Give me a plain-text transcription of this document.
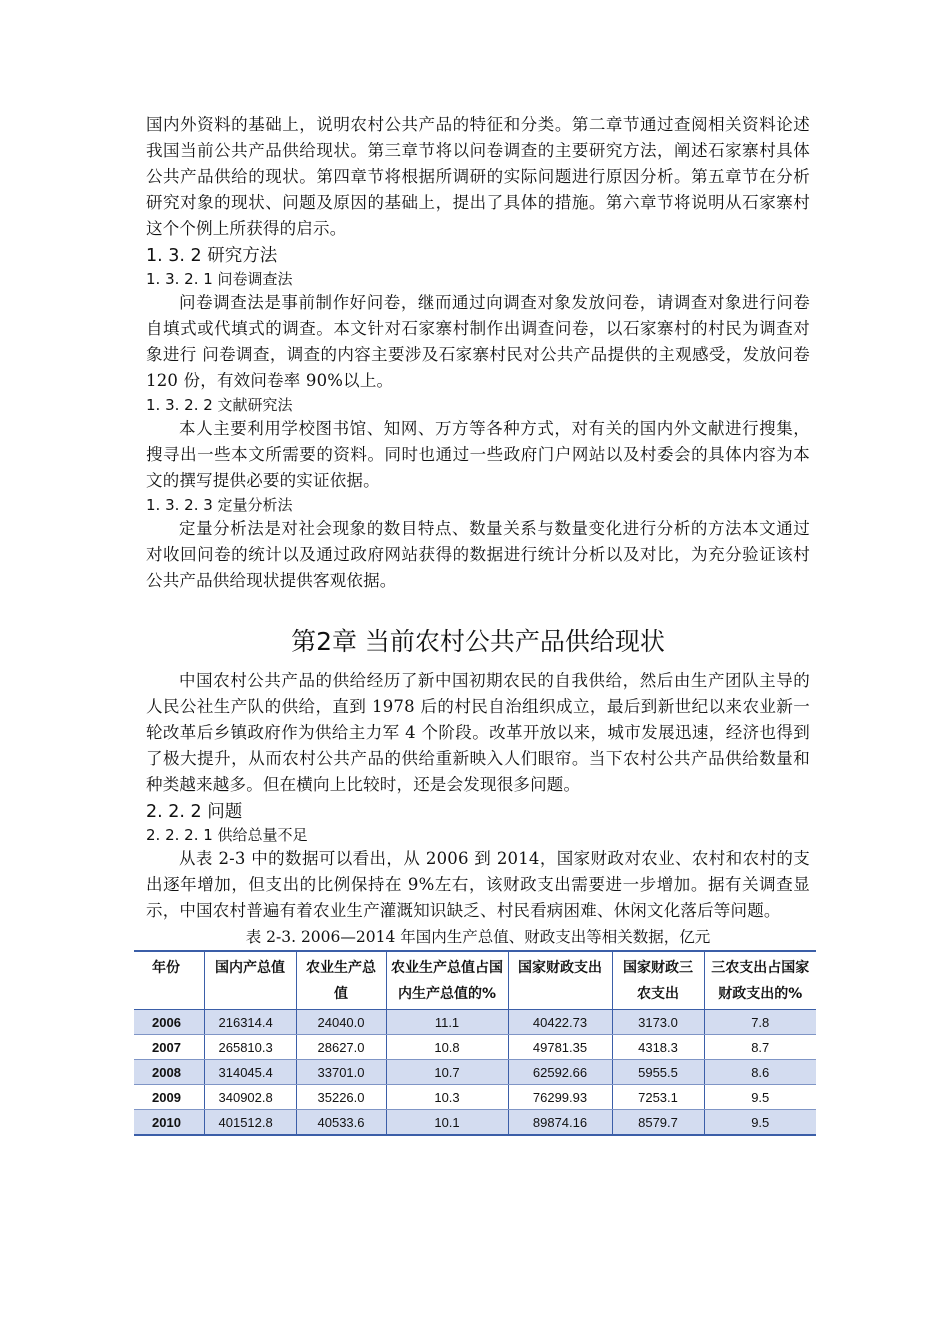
国内外资料的基础上，说明农村公共产品的特征和分类。第二章节通过查阅相关资料论述我国当前公共产品供给现状。第三章节将以问卷调查的主要研究方法，阐述石家寨村具体公共产品供给的现状。第四章节将根据所调研的实际问题进行原因分析。第五章节在分析研究对象的现状、问题及原因的基础上，提出了具体的措施。第六章节将说明从石家寨村这个个例上所获得的启示。

1. 3. 2 研究方法
1. 3. 2. 1 问卷调查法

问卷调查法是事前制作好问卷，继而通过向调查对象发放问卷，请调查对象进行问卷自填式或代填式的调查。本文针对石家寨村制作出调查问卷，以石家寨村的村民为调查对象进行 问卷调查，调查的内容主要涉及石家寨村民对公共产品提供的主观感受，发放问卷 120 份，有效问卷率 90%以上。

1. 3. 2. 2 文献研究法

本人主要利用学校图书馆、知网、万方等各种方式，对有关的国内外文献进行搜集，搜寻出一些本文所需要的资料。同时也通过一些政府门户网站以及村委会的具体内容为本文的撰写提供必要的实证依据。

1. 3. 2. 3 定量分析法

定量分析法是对社会现象的数目特点、数量关系与数量变化进行分析的方法本文通过对收回问卷的统计以及通过政府网站获得的数据进行统计分析以及对比，为充分验证该村公共产品供给现状提供客观依据。

第2章 当前农村公共产品供给现状

中国农村公共产品的供给经历了新中国初期农民的自我供给，然后由生产团队主导的人民公社生产队的供给，直到 1978 后的村民自治组织成立，最后到新世纪以来农业新一轮改革后乡镇政府作为供给主力军 4 个阶段。改革开放以来，城市发展迅速，经济也得到了极大提升，从而农村公共产品的供给重新映入人们眼帘。当下农村公共产品供给数量和种类越来越多。但在横向上比较时，还是会发现很多问题。

2. 2. 2 问题
2. 2. 2. 1 供给总量不足

从表 2-3 中的数据可以看出，从 2006 到 2014，国家财政对农业、农村和农村的支出逐年增加，但支出的比例保持在 9%左右，该财政支出需要进一步增加。据有关调查显示，中国农村普遍有着农业生产灌溉知识缺乏、村民看病困难、休闲文化落后等问题。

表 2-3. 2006—2014 年国内生产总值、财政支出等相关数据，亿元
年份	国内产总值	农业生产总值	农业生产总值占国内生产总值的%	国家财政支出	国家财政三农支出	三农支出占国家财政支出的%
2006	216314.4	24040.0	11.1	40422.73	3173.0	7.8
2007	265810.3	28627.0	10.8	49781.35	4318.3	8.7
2008	314045.4	33701.0	10.7	62592.66	5955.5	8.6
2009	340902.8	35226.0	10.3	76299.93	7253.1	9.5
2010	401512.8	40533.6	10.1	89874.16	8579.7	9.5
